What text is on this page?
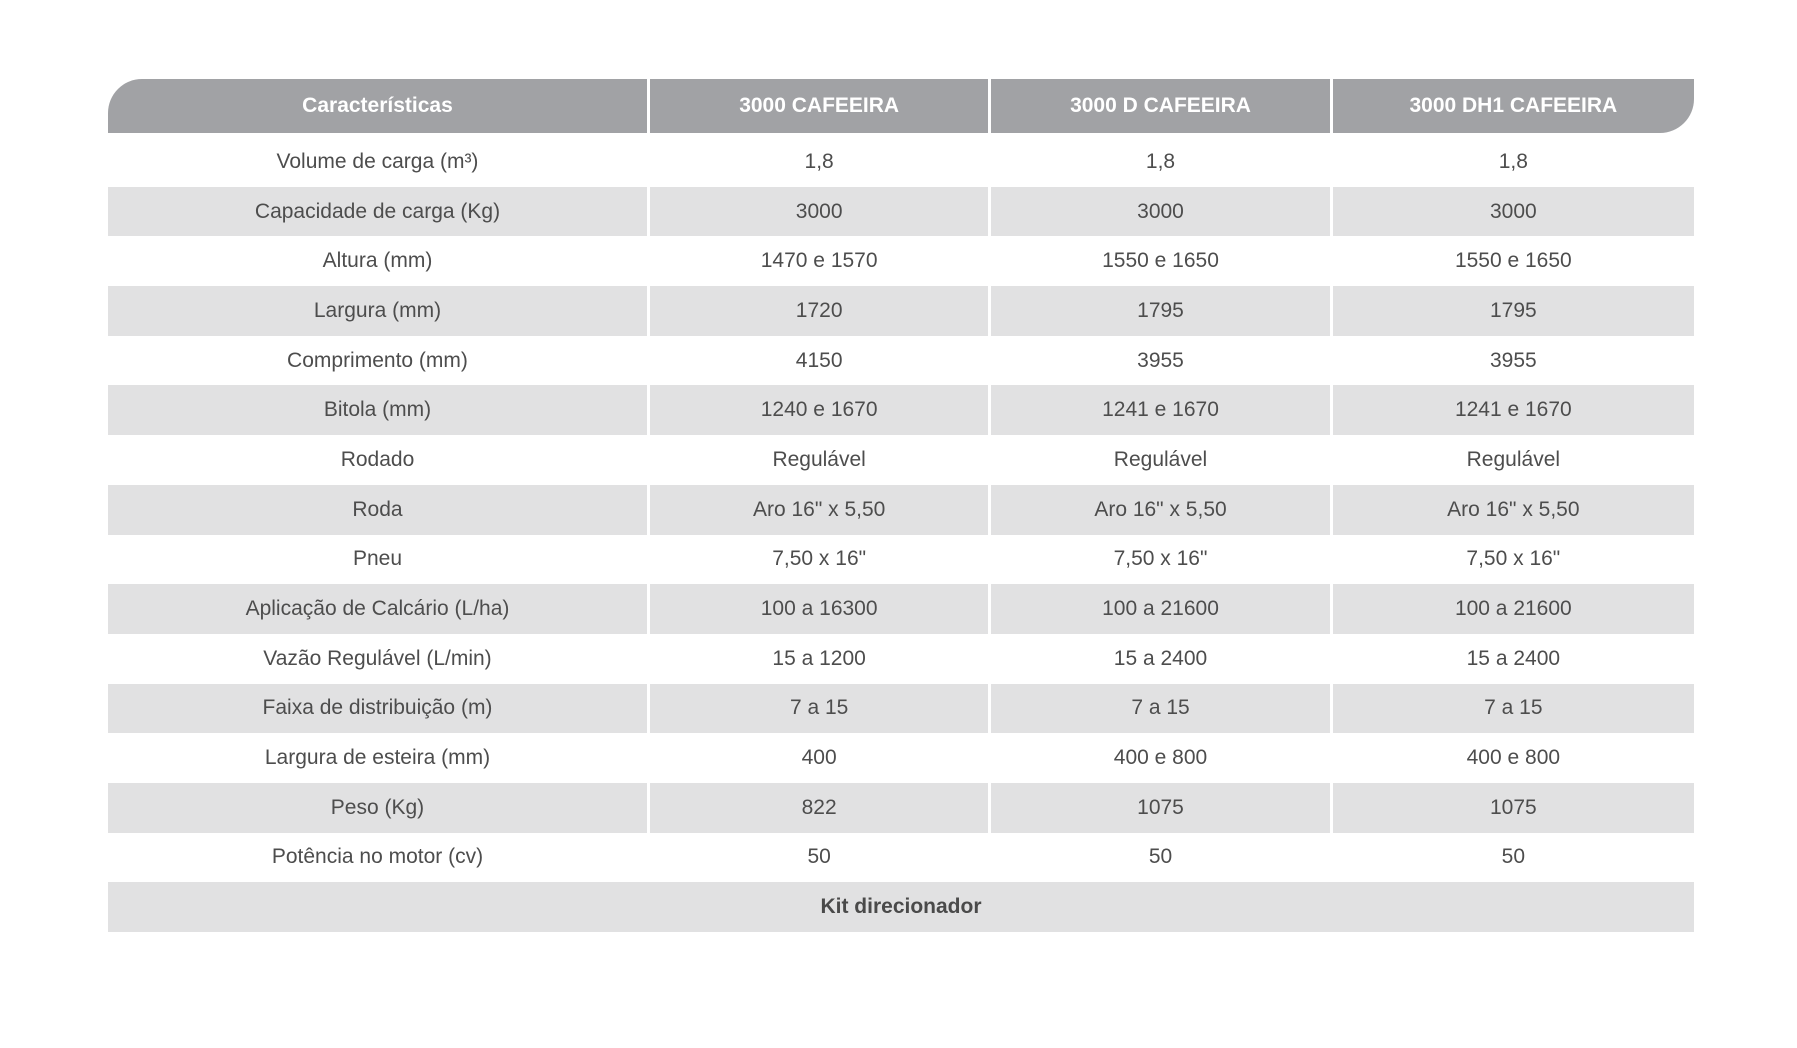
Características	3000 CAFEEIRA	3000 D CAFEEIRA	3000 DH1 CAFEEIRA
Volume de carga (m³)	1,8	1,8	1,8
Capacidade de carga (Kg)	3000	3000	3000
Altura (mm)	1470 e 1570	1550 e 1650	1550 e 1650
Largura (mm)	1720	1795	1795
Comprimento (mm)	4150	3955	3955
Bitola (mm)	1240 e 1670	1241 e 1670	1241 e 1670
Rodado	Regulável	Regulável	Regulável
Roda	Aro 16" x 5,50	Aro 16" x 5,50	Aro 16" x 5,50
Pneu	7,50 x 16"	7,50 x 16"	7,50 x 16"
Aplicação de Calcário (L/ha)	100 a 16300	100 a 21600	100 a 21600
Vazão Regulável (L/min)	15 a 1200	15 a 2400	15 a 2400
Faixa de distribuição (m)	7 a 15	7 a 15	7 a 15
Largura de esteira (mm)	400	400 e 800	400 e 800
Peso (Kg)	822	1075	1075
Potência no motor (cv)	50	50	50
Kit direcionador
